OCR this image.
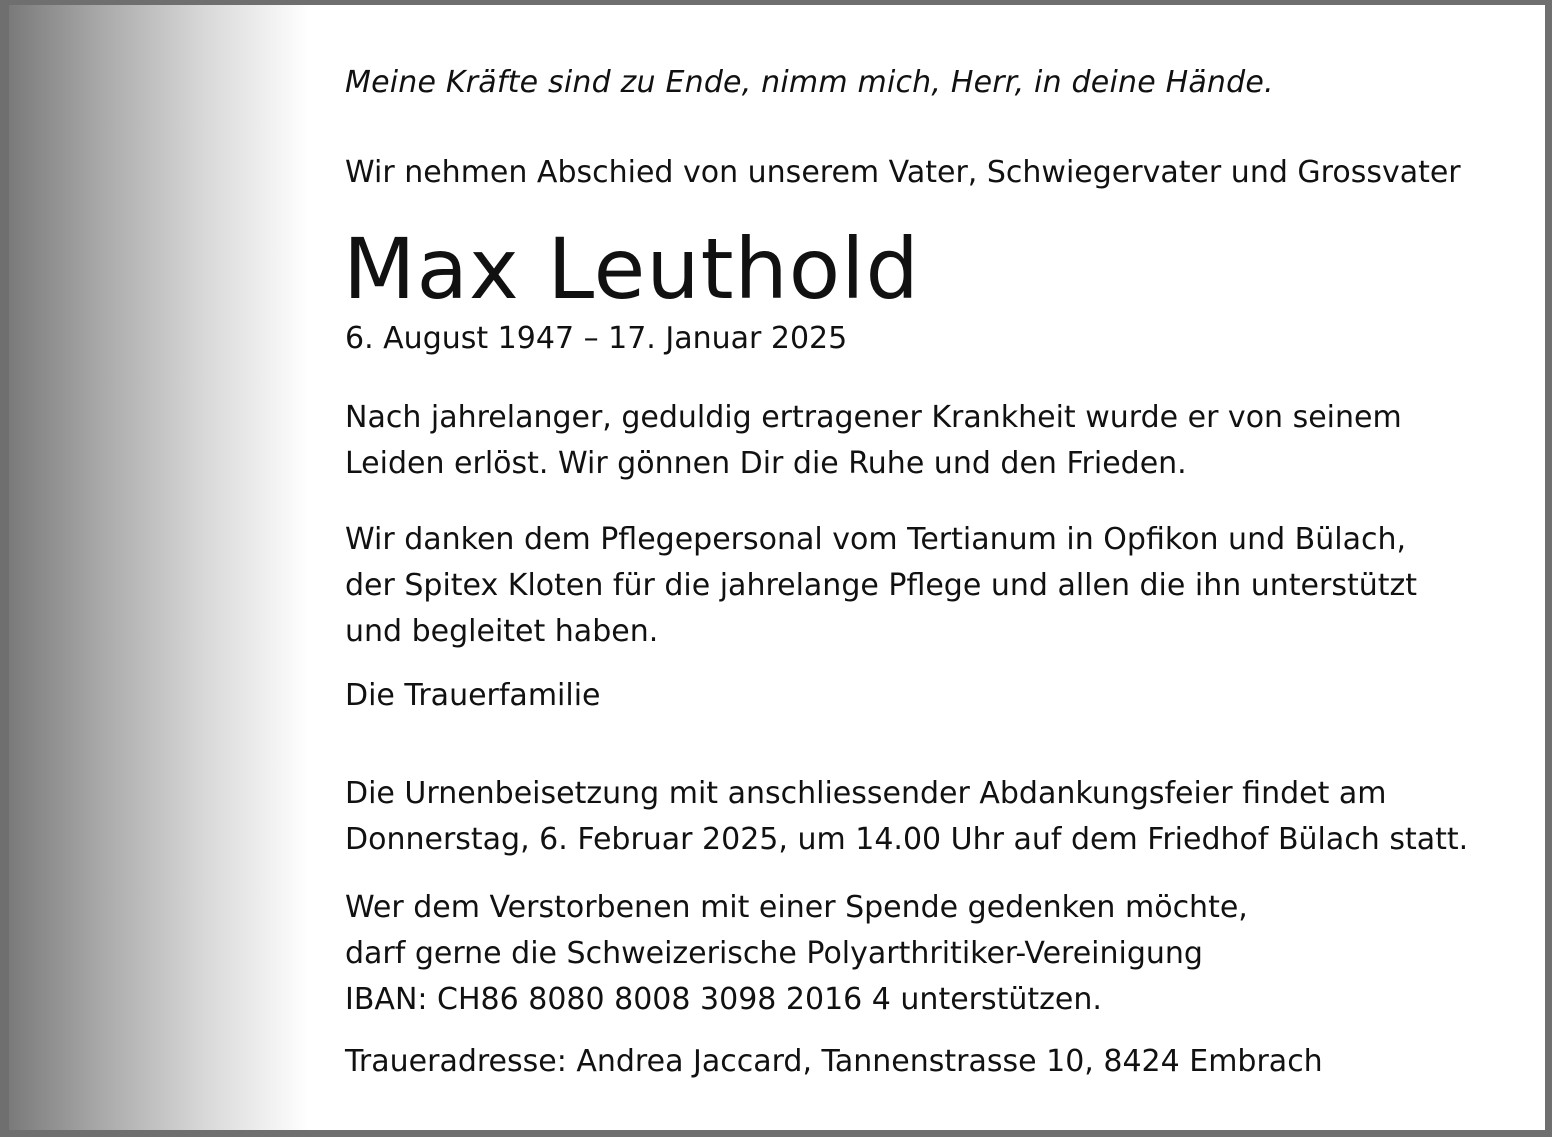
Meine Kräfte sind zu Ende, nimm mich, Herr, in deine Hände.
Wir nehmen Abschied von unserem Vater, Schwiegervater und Grossvater
Max Leuthold
6. August 1947 – 17. Januar 2025
Nach jahrelanger, geduldig ertragener Krankheit wurde er von seinem
Leiden erlöst. Wir gönnen Dir die Ruhe und den Frieden.
Wir danken dem Pflegepersonal vom Tertianum in Opfikon und Bülach,
der Spitex Kloten für die jahrelange Pflege und allen die ihn unterstützt
und begleitet haben.
Die Trauerfamilie
Die Urnenbeisetzung mit anschliessender Abdankungsfeier findet am
Donnerstag, 6. Februar 2025, um 14.00 Uhr auf dem Friedhof Bülach statt.
Wer dem Verstorbenen mit einer Spende gedenken möchte,
darf gerne die Schweizerische Polyarthritiker-Vereinigung
IBAN: CH86 8080 8008 3098 2016 4 unterstützen.
Traueradresse: Andrea Jaccard, Tannenstrasse 10, 8424 Embrach
